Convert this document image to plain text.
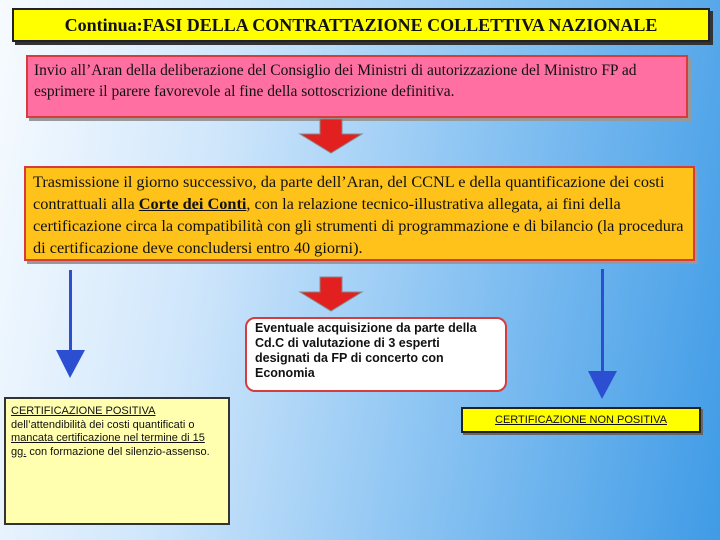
Continua:FASI DELLA CONTRATTAZIONE COLLETTIVA NAZIONALE
Invio all’Aran della deliberazione del Consiglio dei Ministri di autorizzazione del Ministro FP ad esprimere il parere favorevole al fine della sottoscrizione definitiva.
Trasmissione il giorno successivo, da parte dell’Aran, del CCNL e della quantificazione dei costi contrattuali alla Corte dei Conti, con la relazione tecnico-illustrativa allegata, ai fini della certificazione circa la compatibilità con gli strumenti di programmazione e di bilancio (la procedura di certificazione deve concludersi entro 40 giorni).
Eventuale acquisizione da parte della Cd.C di valutazione di 3 esperti designati da FP di concerto con Economia
CERTIFICAZIONE POSITIVA
dell’attendibilità dei costi quantificati o mancata certificazione nel termine di 15 gg. con formazione del silenzio-assenso.
CERTIFICAZIONE NON POSITIVA
